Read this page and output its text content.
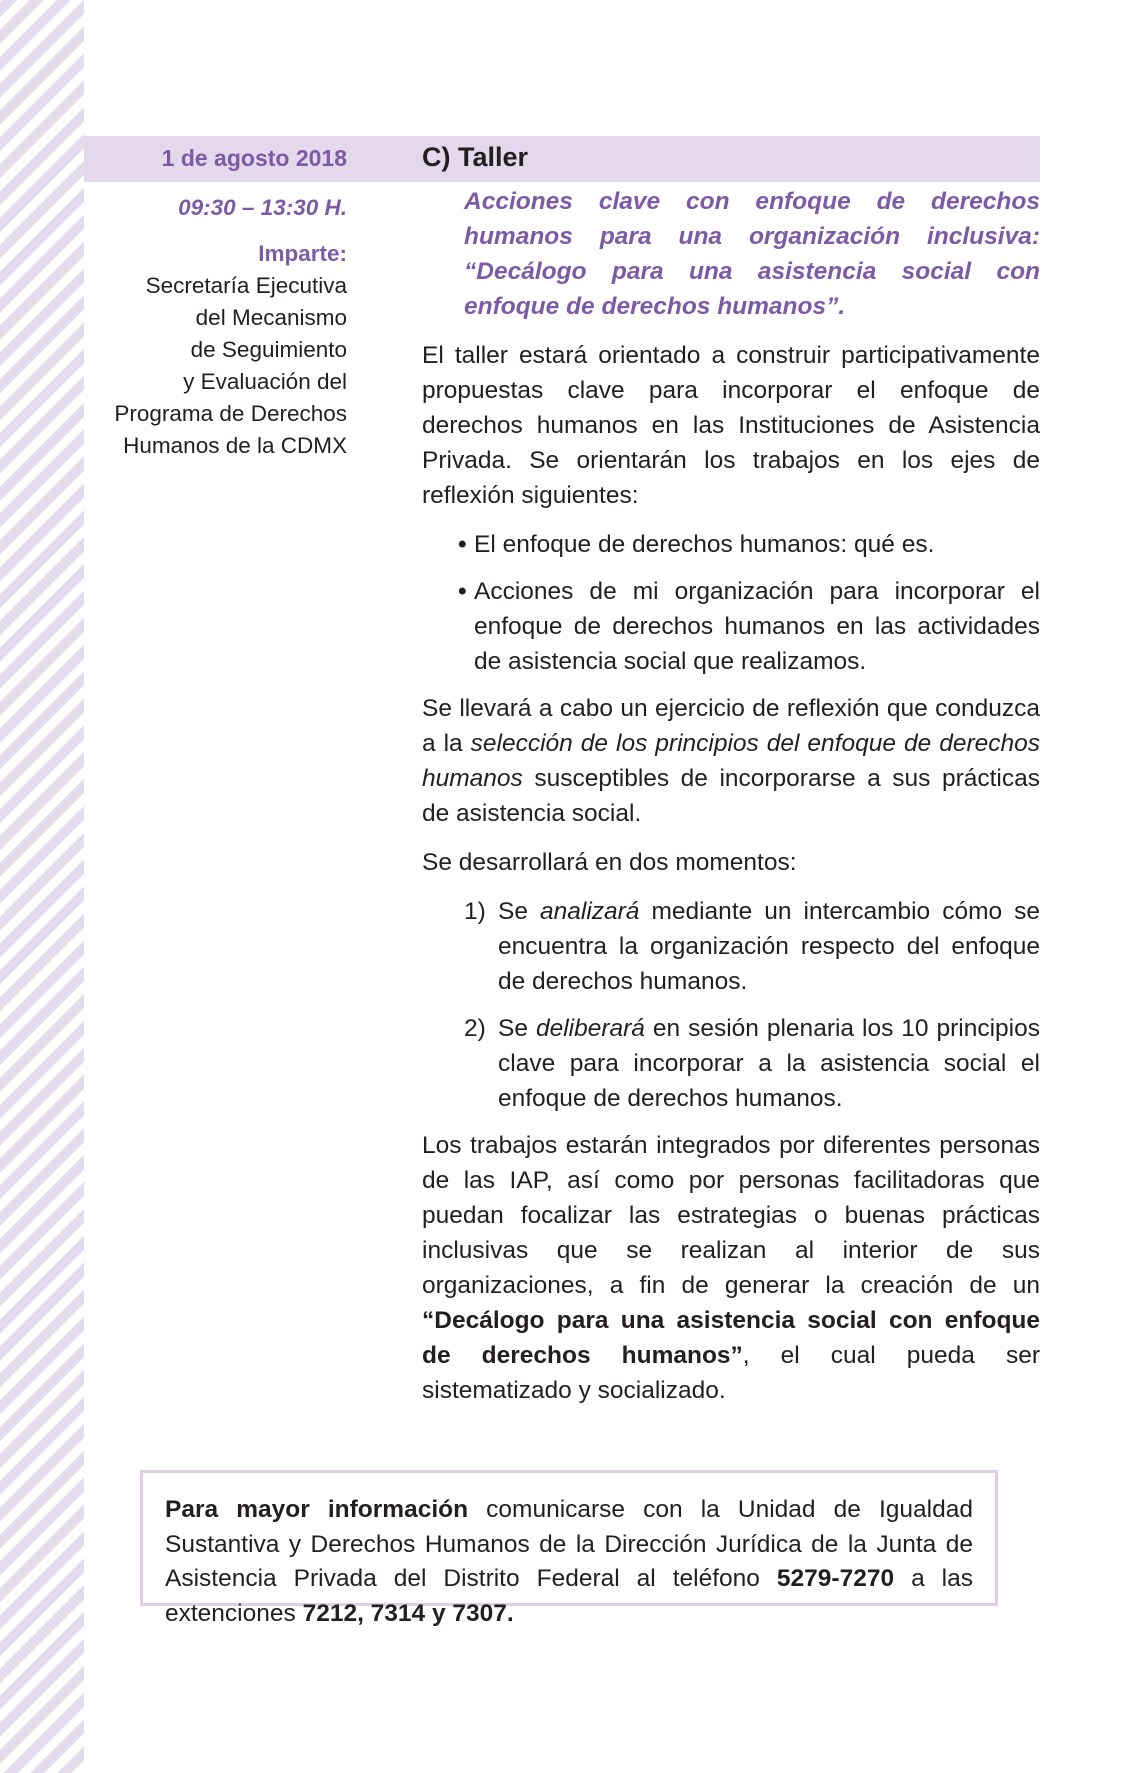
1 de agosto 2018	C) Taller
09:30 – 13:30 H.
Imparte:
Secretaría Ejecutiva
del Mecanismo
de Seguimiento
y Evaluación del
Programa de Derechos
Humanos de la CDMX
Acciones clave con enfoque de derechos humanos para una organización inclusiva: “Decálogo para una asistencia social con enfoque de derechos humanos”.

El taller estará orientado a construir participativamente propuestas clave para incorporar el enfoque de derechos humanos en las Instituciones de Asistencia Privada. Se orientarán los trabajos en los ejes de reflexión siguientes:

• El enfoque de derechos humanos: qué es.
• Acciones de mi organización para incorporar el enfoque de derechos humanos en las actividades de asistencia social que realizamos.

Se llevará a cabo un ejercicio de reflexión que conduzca a la selección de los principios del enfoque de derechos humanos susceptibles de incorporarse a sus prácticas de asistencia social.

Se desarrollará en dos momentos:

1) Se analizará mediante un intercambio cómo se encuentra la organización respecto del enfoque de derechos humanos.
2) Se deliberará en sesión plenaria los 10 principios clave para incorporar a la asistencia social el enfoque de derechos humanos.

Los trabajos estarán integrados por diferentes personas de las IAP, así como por personas facilitadoras que puedan focalizar las estrategias o buenas prácticas inclusivas que se realizan al interior de sus organizaciones, a fin de generar la creación de un “Decálogo para una asistencia social con enfoque de derechos humanos”, el cual pueda ser sistematizado y socializado.

Para mayor información comunicarse con la Unidad de Igualdad Sustantiva y Derechos Humanos de la Dirección Jurídica de la Junta de Asistencia Privada del Distrito Federal al teléfono 5279-7270 a las extenciones 7212, 7314 y 7307.
